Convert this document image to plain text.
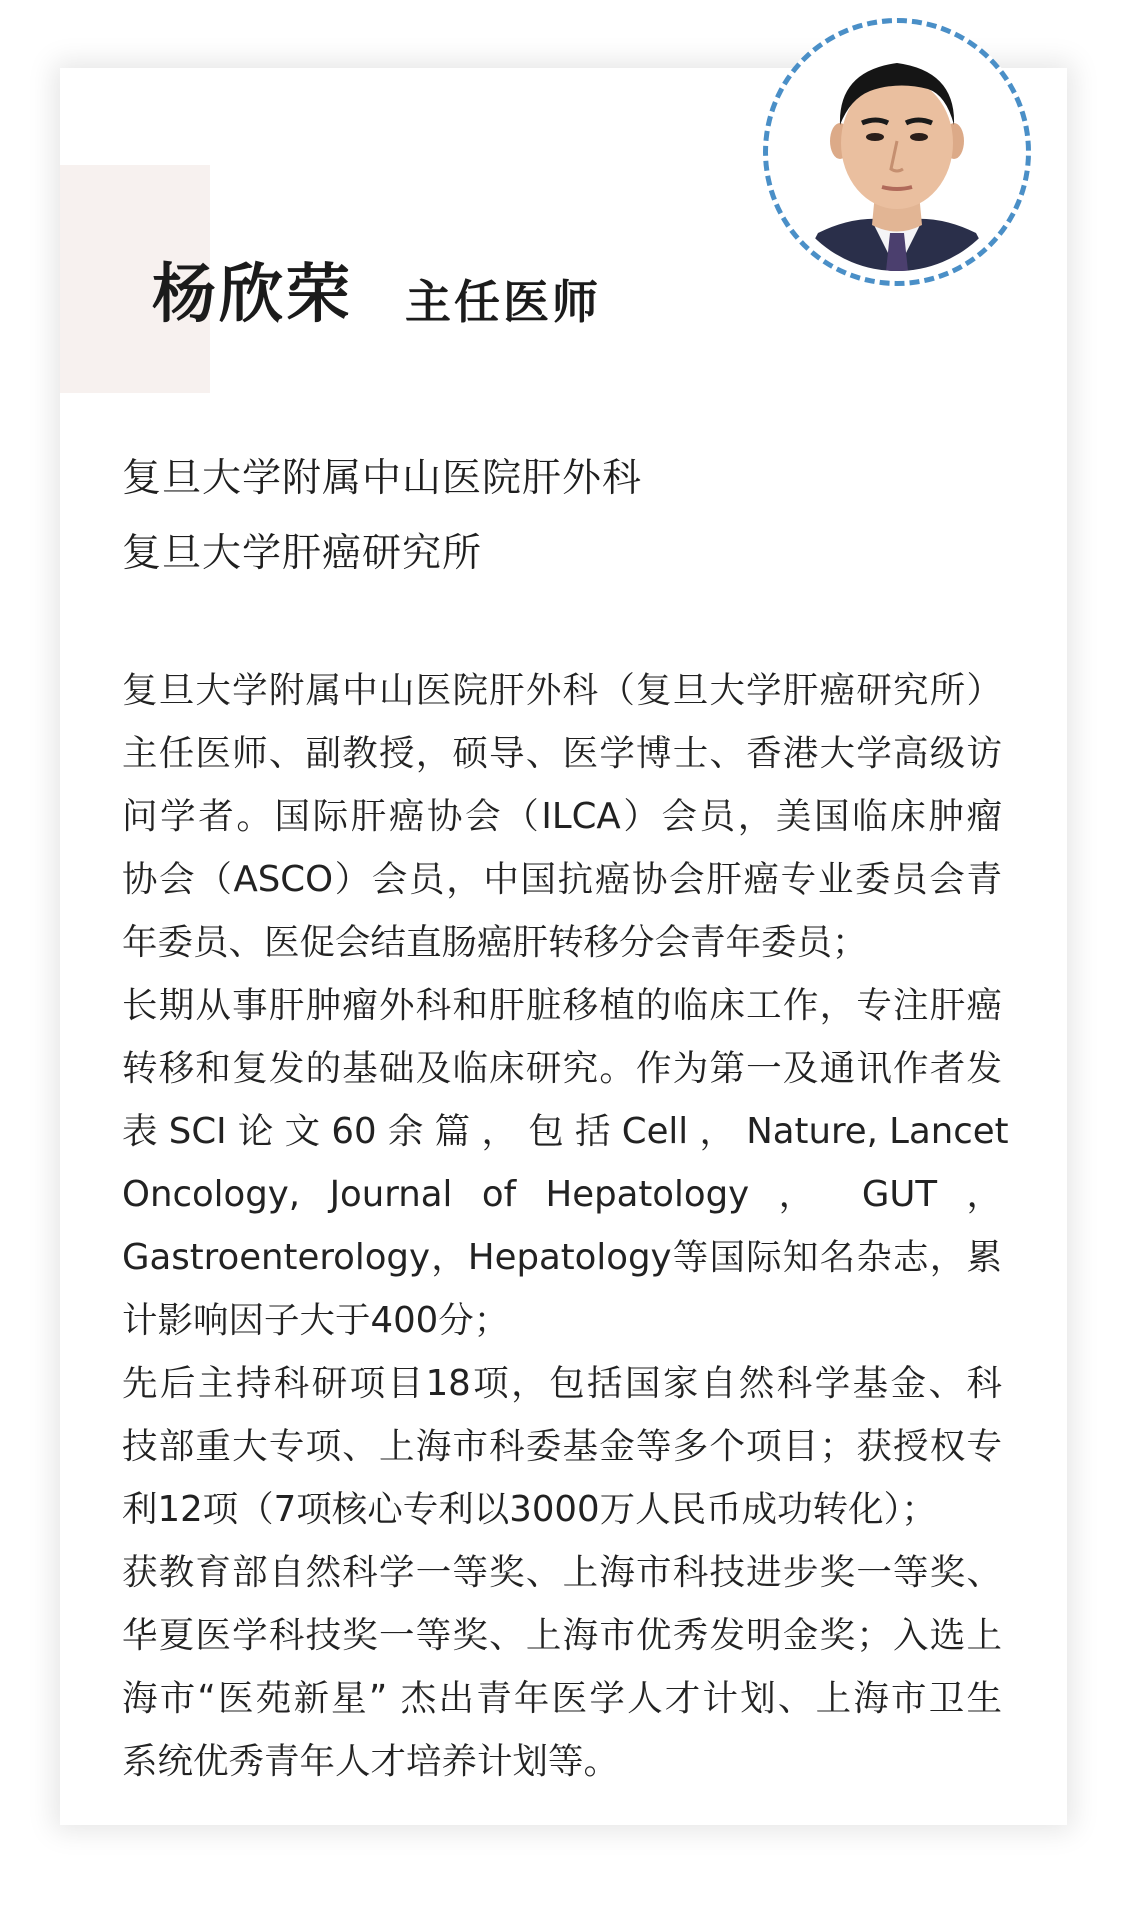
杨欣荣 主任医师
复旦大学附属中山医院肝外科
复旦大学肝癌研究所
复旦大学附属中山医院肝外科（复旦大学肝癌研究所）
主任医师、副教授，硕导、医学博士、香港大学高级访
问学者。国际肝癌协会（ILCA）会员，美国临床肿瘤
协会（ASCO）会员，中国抗癌协会肝癌专业委员会青
年委员、医促会结直肠癌肝转移分会青年委员；
长期从事肝肿瘤外科和肝脏移植的临床工作，专注肝癌
转移和复发的基础及临床研究。作为第一及通讯作者发
表 SCI 论 文 60 余 篇 ， 包 括 Cell ， Nature, Lancet
Oncology, Journal of Hepatology ， GUT ，
Gastroenterology，Hepatology等国际知名杂志，累
计影响因子大于400分；
先后主持科研项目18项，包括国家自然科学基金、科
技部重大专项、上海市科委基金等多个项目；获授权专
利12项（7项核心专利以3000万人民币成功转化）；
获教育部自然科学一等奖、上海市科技进步奖一等奖、
华夏医学科技奖一等奖、上海市优秀发明金奖；入选上
海市“医苑新星” 杰出青年医学人才计划、上海市卫生
系统优秀青年人才培养计划等。
